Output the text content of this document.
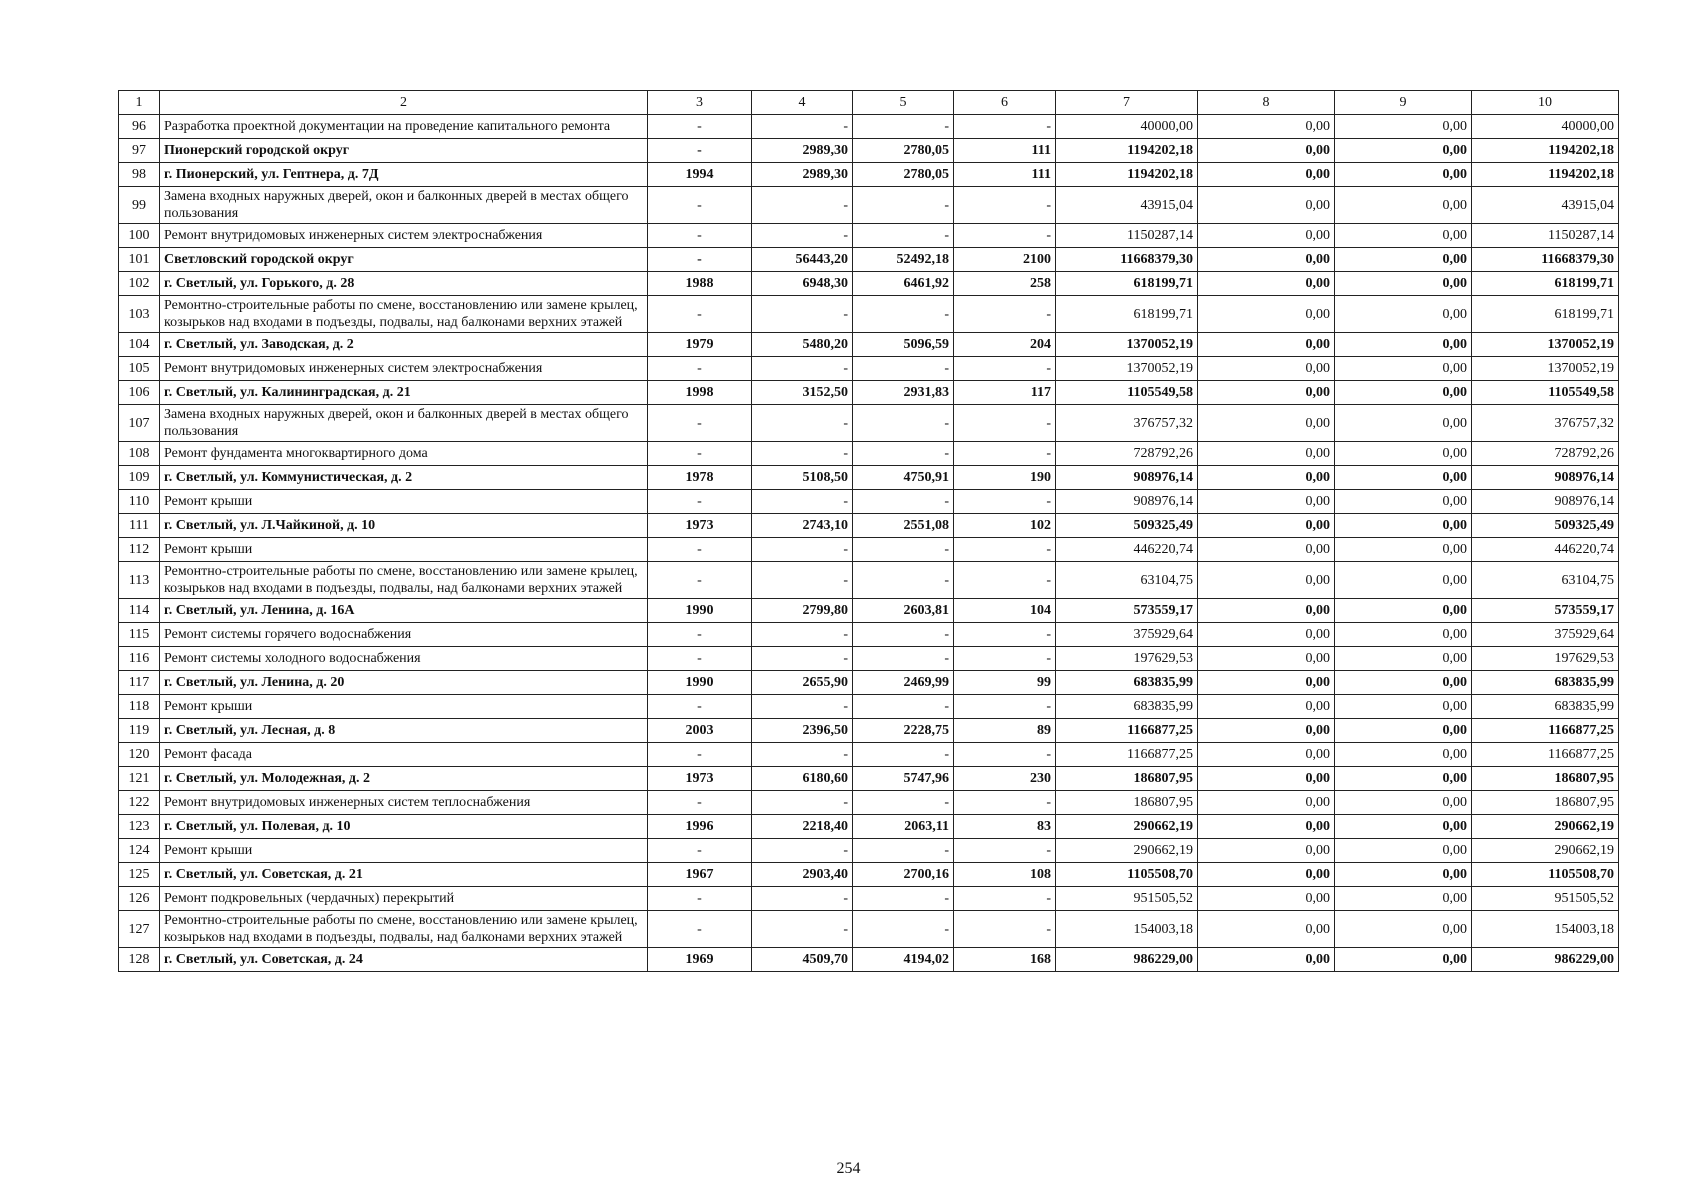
1	2	3	4	5	6	7	8	9	10
96	Разработка проектной документации на проведение капитального ремонта	-	-	-	-	40000,00	0,00	0,00	40000,00
97	Пионерский городской округ	-	2989,30	2780,05	111	1194202,18	0,00	0,00	1194202,18
98	г. Пионерский, ул. Гептнера, д. 7Д	1994	2989,30	2780,05	111	1194202,18	0,00	0,00	1194202,18
99	Замена входных наружных дверей, окон и балконных дверей в местах общего пользования	-	-	-	-	43915,04	0,00	0,00	43915,04
100	Ремонт внутридомовых инженерных систем электроснабжения	-	-	-	-	1150287,14	0,00	0,00	1150287,14
101	Светловский городской округ	-	56443,20	52492,18	2100	11668379,30	0,00	0,00	11668379,30
102	г. Светлый, ул. Горького, д. 28	1988	6948,30	6461,92	258	618199,71	0,00	0,00	618199,71
103	Ремонтно-строительные работы по смене, восстановлению или замене крылец, козырьков над входами в подъезды, подвалы, над балконами верхних этажей	-	-	-	-	618199,71	0,00	0,00	618199,71
104	г. Светлый, ул. Заводская, д. 2	1979	5480,20	5096,59	204	1370052,19	0,00	0,00	1370052,19
105	Ремонт внутридомовых инженерных систем электроснабжения	-	-	-	-	1370052,19	0,00	0,00	1370052,19
106	г. Светлый, ул. Калининградская, д. 21	1998	3152,50	2931,83	117	1105549,58	0,00	0,00	1105549,58
107	Замена входных наружных дверей, окон и балконных дверей в местах общего пользования	-	-	-	-	376757,32	0,00	0,00	376757,32
108	Ремонт фундамента многоквартирного дома	-	-	-	-	728792,26	0,00	0,00	728792,26
109	г. Светлый, ул. Коммунистическая, д. 2	1978	5108,50	4750,91	190	908976,14	0,00	0,00	908976,14
110	Ремонт крыши	-	-	-	-	908976,14	0,00	0,00	908976,14
111	г. Светлый, ул. Л.Чайкиной, д. 10	1973	2743,10	2551,08	102	509325,49	0,00	0,00	509325,49
112	Ремонт крыши	-	-	-	-	446220,74	0,00	0,00	446220,74
113	Ремонтно-строительные работы по смене, восстановлению или замене крылец, козырьков над входами в подъезды, подвалы, над балконами верхних этажей	-	-	-	-	63104,75	0,00	0,00	63104,75
114	г. Светлый, ул. Ленина, д. 16А	1990	2799,80	2603,81	104	573559,17	0,00	0,00	573559,17
115	Ремонт системы горячего водоснабжения	-	-	-	-	375929,64	0,00	0,00	375929,64
116	Ремонт системы холодного водоснабжения	-	-	-	-	197629,53	0,00	0,00	197629,53
117	г. Светлый, ул. Ленина, д. 20	1990	2655,90	2469,99	99	683835,99	0,00	0,00	683835,99
118	Ремонт крыши	-	-	-	-	683835,99	0,00	0,00	683835,99
119	г. Светлый, ул. Лесная, д. 8	2003	2396,50	2228,75	89	1166877,25	0,00	0,00	1166877,25
120	Ремонт фасада	-	-	-	-	1166877,25	0,00	0,00	1166877,25
121	г. Светлый, ул. Молодежная, д. 2	1973	6180,60	5747,96	230	186807,95	0,00	0,00	186807,95
122	Ремонт внутридомовых инженерных систем теплоснабжения	-	-	-	-	186807,95	0,00	0,00	186807,95
123	г. Светлый, ул. Полевая, д. 10	1996	2218,40	2063,11	83	290662,19	0,00	0,00	290662,19
124	Ремонт крыши	-	-	-	-	290662,19	0,00	0,00	290662,19
125	г. Светлый, ул. Советская, д. 21	1967	2903,40	2700,16	108	1105508,70	0,00	0,00	1105508,70
126	Ремонт подкровельных (чердачных) перекрытий	-	-	-	-	951505,52	0,00	0,00	951505,52
127	Ремонтно-строительные работы по смене, восстановлению или замене крылец, козырьков над входами в подъезды, подвалы, над балконами верхних этажей	-	-	-	-	154003,18	0,00	0,00	154003,18
128	г. Светлый, ул. Советская, д. 24	1969	4509,70	4194,02	168	986229,00	0,00	0,00	986229,00
254
